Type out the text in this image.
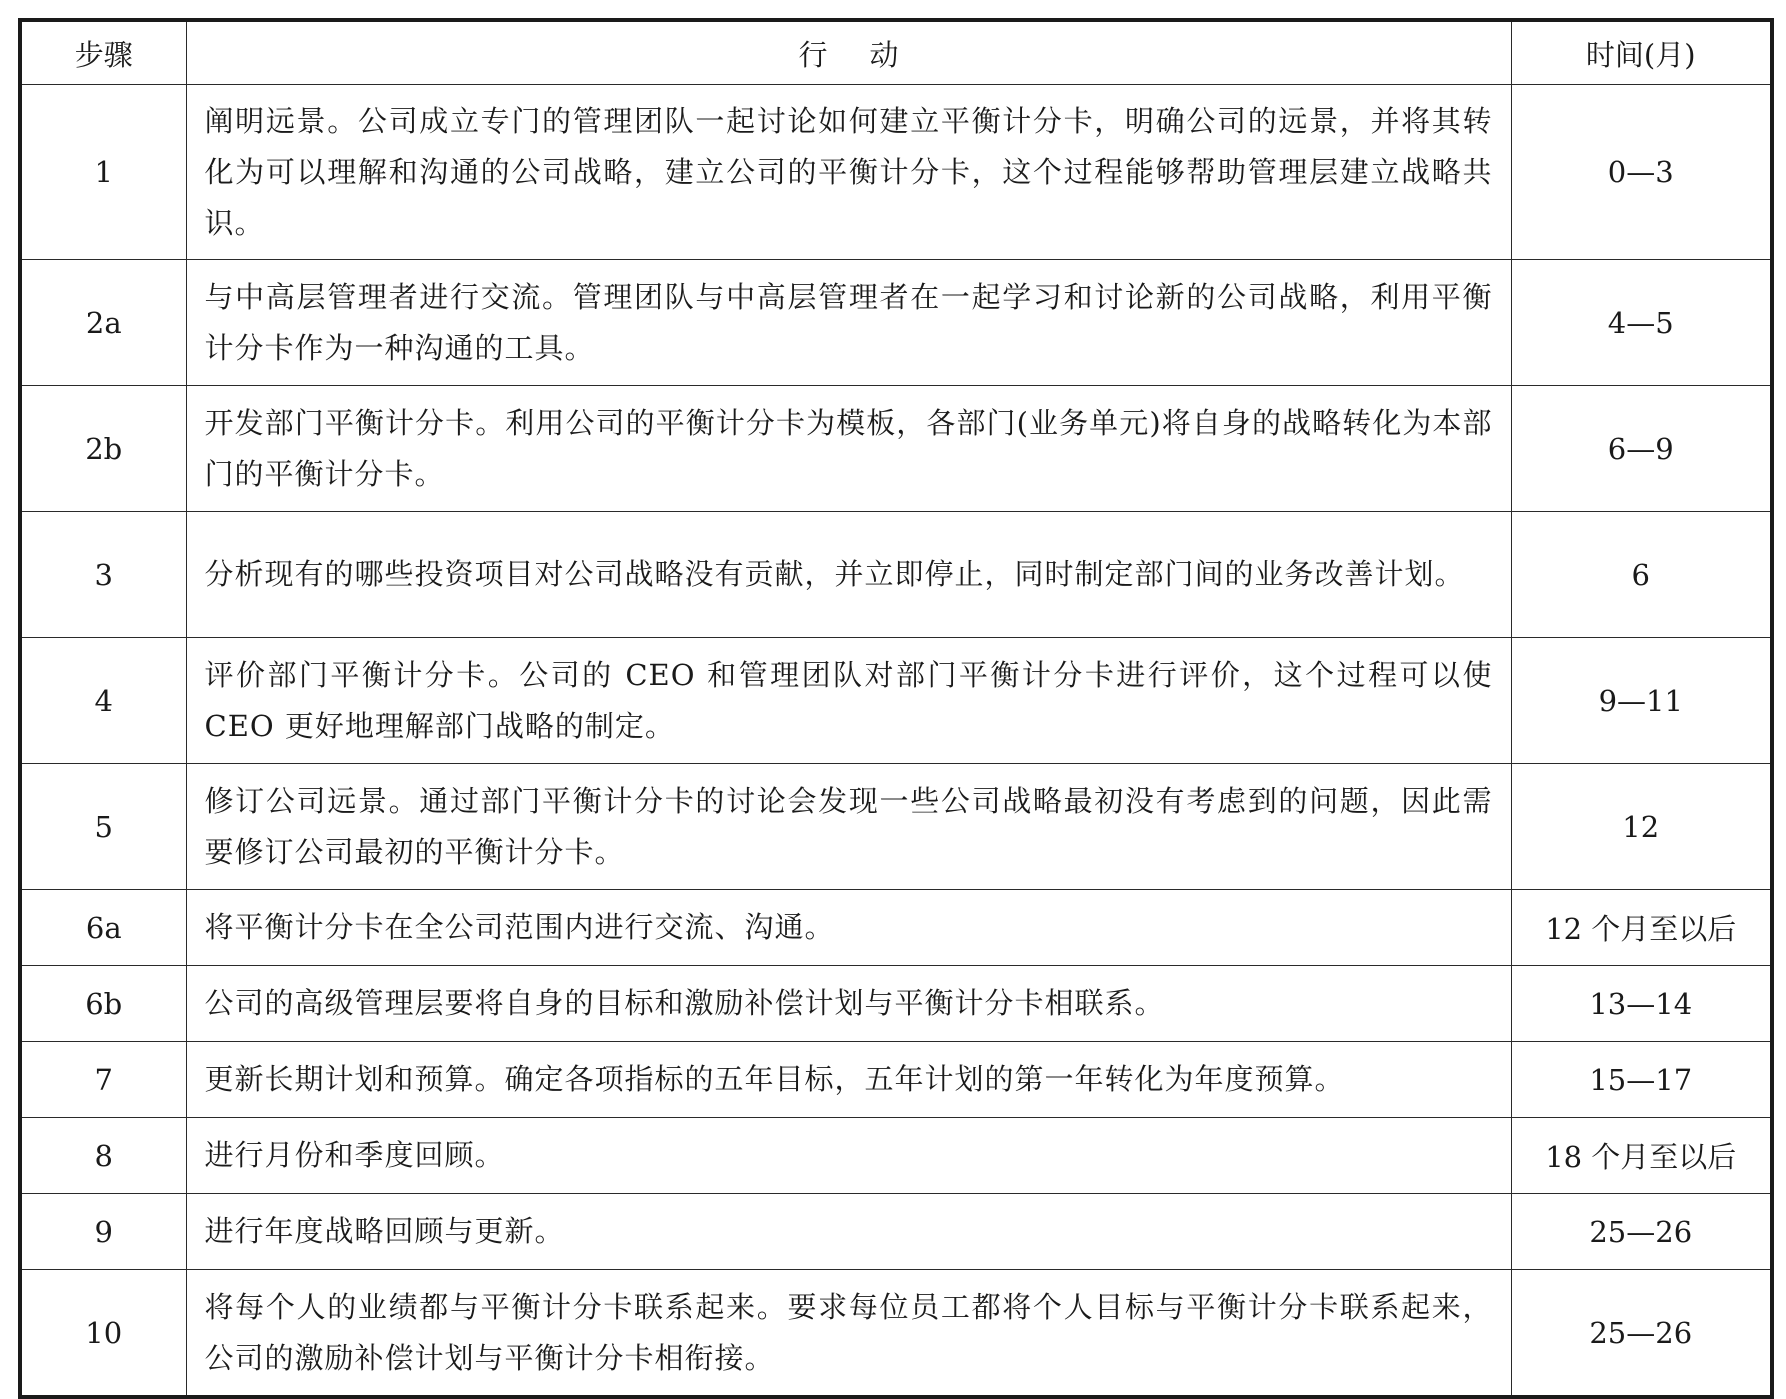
步骤	行动	时间(月)
1	阐明远景。公司成立专门的管理团队一起讨论如何建立平衡计分卡，明确公司的远景，并将其转化为可以理解和沟通的公司战略，建立公司的平衡计分卡，这个过程能够帮助管理层建立战略共识。	0—3
2a	与中高层管理者进行交流。管理团队与中高层管理者在一起学习和讨论新的公司战略，利用平衡计分卡作为一种沟通的工具。	4—5
2b	开发部门平衡计分卡。利用公司的平衡计分卡为模板，各部门(业务单元)将自身的战略转化为本部门的平衡计分卡。	6—9
3	分析现有的哪些投资项目对公司战略没有贡献，并立即停止，同时制定部门间的业务改善计划。	6
4	评价部门平衡计分卡。公司的 CEO 和管理团队对部门平衡计分卡进行评价，这个过程可以使 CEO 更好地理解部门战略的制定。	9—11
5	修订公司远景。通过部门平衡计分卡的讨论会发现一些公司战略最初没有考虑到的问题，因此需要修订公司最初的平衡计分卡。	12
6a	将平衡计分卡在全公司范围内进行交流、沟通。	12 个月至以后
6b	公司的高级管理层要将自身的目标和激励补偿计划与平衡计分卡相联系。	13—14
7	更新长期计划和预算。确定各项指标的五年目标，五年计划的第一年转化为年度预算。	15—17
8	进行月份和季度回顾。	18 个月至以后
9	进行年度战略回顾与更新。	25—26
10	将每个人的业绩都与平衡计分卡联系起来。要求每位员工都将个人目标与平衡计分卡联系起来，公司的激励补偿计划与平衡计分卡相衔接。	25—26
